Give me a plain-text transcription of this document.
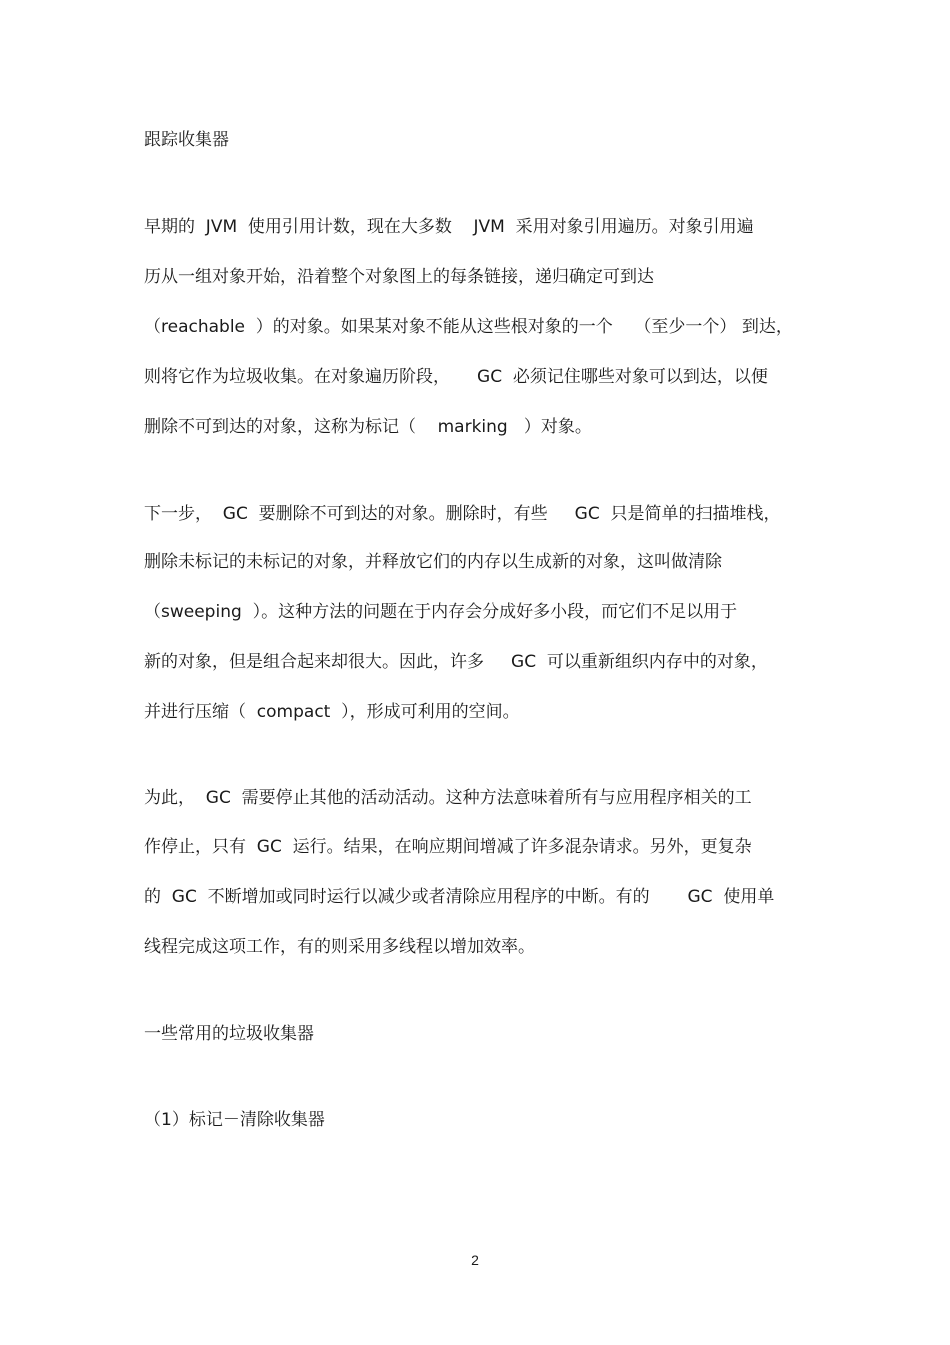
跟踪收集器

早期的  JVM  使用引用计数，现在大多数    JVM  采用对象引用遍历。对象引用遍

历从一组对象开始，沿着整个对象图上的每条链接，递归确定可到达

（reachable  ）的对象。如果某对象不能从这些根对象的一个    （至少一个） 到达，

则将它作为垃圾收集。在对象遍历阶段，     GC  必须记住哪些对象可以到达，以便

删除不可到达的对象，这称为标记（    marking   ）对象。

下一步，  GC  要删除不可到达的对象。删除时，有些     GC  只是简单的扫描堆栈，

删除未标记的未标记的对象，并释放它们的内存以生成新的对象，这叫做清除

（sweeping  ）。这种方法的问题在于内存会分成好多小段，而它们不足以用于

新的对象，但是组合起来却很大。因此，许多     GC  可以重新组织内存中的对象，

并进行压缩（  compact  ），形成可利用的空间。

为此，  GC  需要停止其他的活动活动。这种方法意味着所有与应用程序相关的工

作停止，只有  GC  运行。结果，在响应期间增减了许多混杂请求。另外，更复杂

的  GC  不断增加或同时运行以减少或者清除应用程序的中断。有的       GC  使用单

线程完成这项工作，有的则采用多线程以增加效率。

一些常用的垃圾收集器

（1）标记－清除收集器

2
